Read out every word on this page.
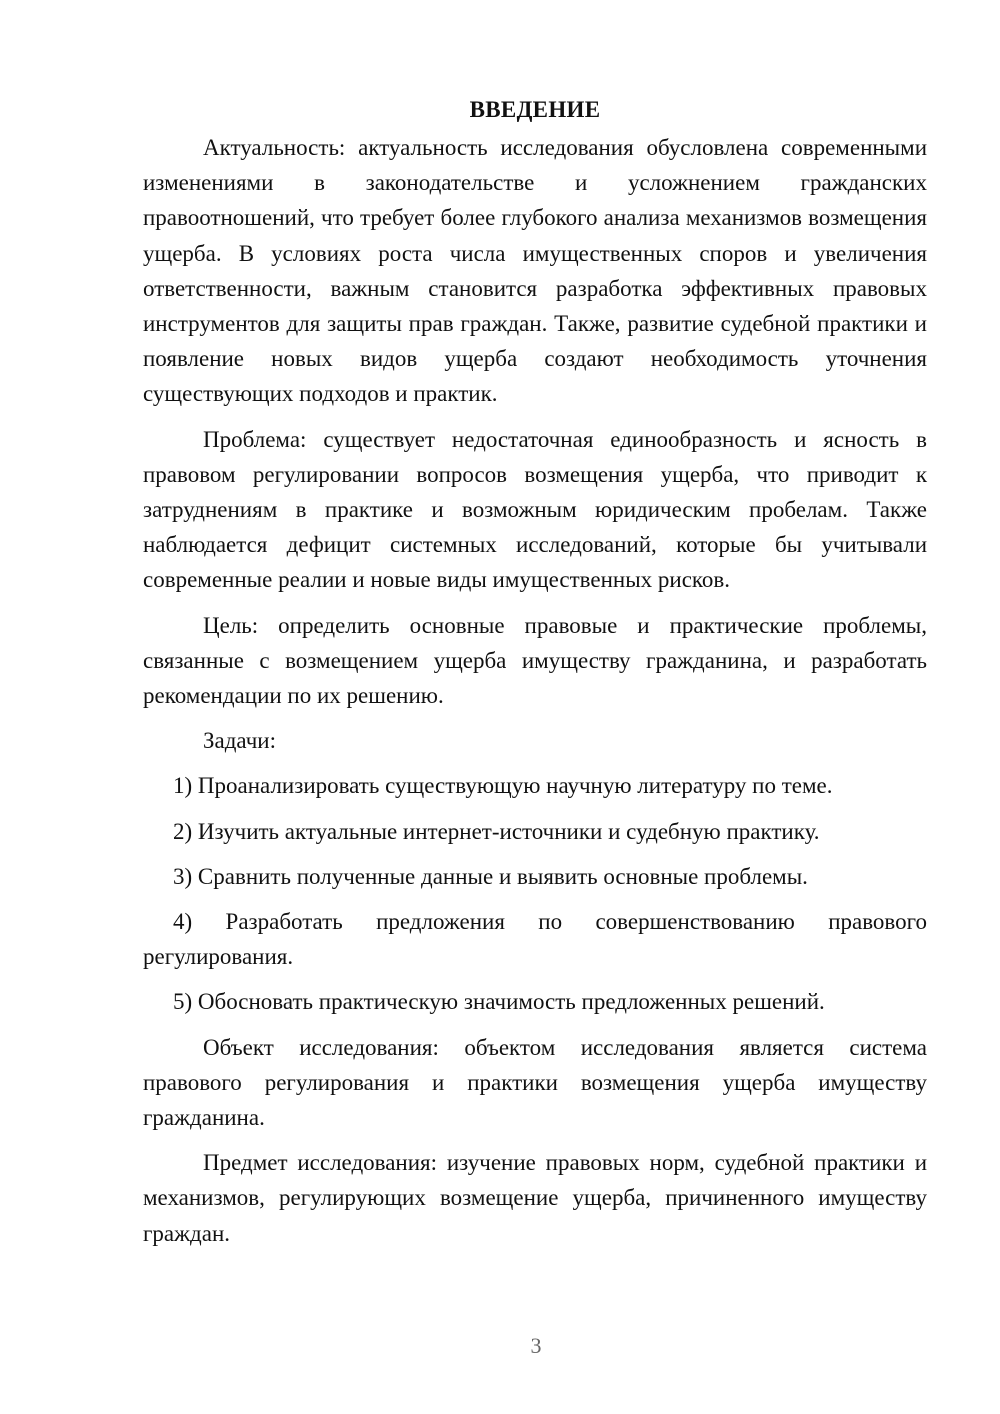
ВВЕДЕНИЕ

Актуальность: актуальность исследования обусловлена современными изменениями в законодательстве и усложнением гражданских правоотношений, что требует более глубокого анализа механизмов возмещения ущерба. В условиях роста числа имущественных споров и увеличения ответственности, важным становится разработка эффективных правовых инструментов для защиты прав граждан. Также, развитие судебной практики и появление новых видов ущерба создают необходимость уточнения существующих подходов и практик.

Проблема: существует недостаточная единообразность и ясность в правовом регулировании вопросов возмещения ущерба, что приводит к затруднениям в практике и возможным юридическим пробелам. Также наблюдается дефицит системных исследований, которые бы учитывали современные реалии и новые виды имущественных рисков.

Цель: определить основные правовые и практические проблемы, связанные с возмещением ущерба имуществу гражданина, и разработать рекомендации по их решению.

Задачи:

1) Проанализировать существующую научную литературу по теме.

2) Изучить актуальные интернет-источники и судебную практику.

3) Сравнить полученные данные и выявить основные проблемы.

4) Разработать предложения по совершенствованию правового регулирования.

5) Обосновать практическую значимость предложенных решений.

Объект исследования: объектом исследования является система правового регулирования и практики возмещения ущерба имуществу гражданина.

Предмет исследования: изучение правовых норм, судебной практики и механизмов, регулирующих возмещение ущерба, причиненного имуществу граждан.

3
